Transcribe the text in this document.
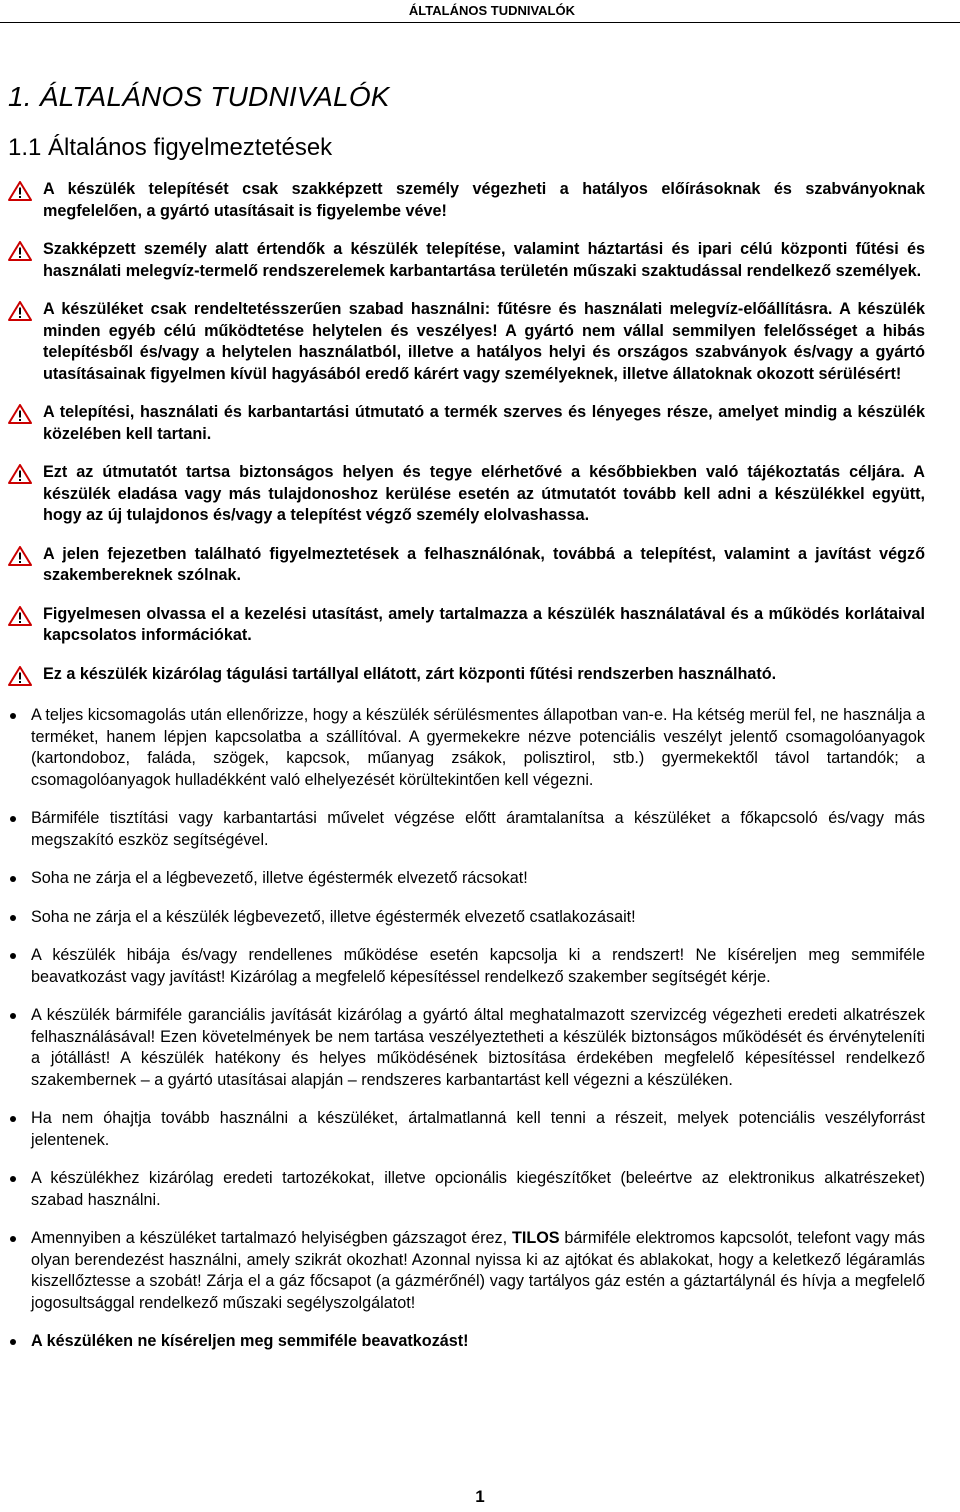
ÁLTALÁNOS TUDNIVALÓK
1. ÁLTALÁNOS TUDNIVALÓK
1.1 Általános figyelmeztetések
A készülék telepítését csak szakképzett személy végezheti a hatályos előírásoknak és szabványoknak megfelelően, a gyártó utasításait is figyelembe véve!
Szakképzett személy alatt értendők a készülék telepítése, valamint háztartási és ipari célú központi fűtési és használati melegvíz-termelő rendszerelemek karbantartása területén műszaki szaktudással rendelkező személyek.
A készüléket csak rendeltetésszerűen szabad használni: fűtésre és használati melegvíz-előállításra. A készülék minden egyéb célú működtetése helytelen és veszélyes! A gyártó nem vállal semmilyen felelősséget a hibás telepítésből és/vagy a helytelen használatból, illetve a hatályos helyi és országos szabványok és/vagy a gyártó utasításainak figyelmen kívül hagyásából eredő kárért vagy személyeknek, illetve állatoknak okozott sérülésért!
A telepítési, használati és karbantartási útmutató a termék szerves és lényeges része, amelyet mindig a készülék közelében kell tartani.
Ezt az útmutatót tartsa biztonságos helyen és tegye elérhetővé a későbbiekben való tájékoztatás céljára. A készülék eladása vagy más tulajdonoshoz kerülése esetén az útmutatót tovább kell adni a készülékkel együtt, hogy az új tulajdonos és/vagy a telepítést végző személy elolvashassa.
A jelen fejezetben található figyelmeztetések a felhasználónak, továbbá a telepítést, valamint a javítást végző szakembereknek szólnak.
Figyelmesen olvassa el a kezelési utasítást, amely tartalmazza a készülék használatával és a működés korlátaival kapcsolatos információkat.
Ez a készülék kizárólag tágulási tartállyal ellátott, zárt központi fűtési rendszerben használható.
A teljes kicsomagolás után ellenőrizze, hogy a készülék sérülésmentes állapotban van-e. Ha kétség merül fel, ne használja a terméket, hanem lépjen kapcsolatba a szállítóval. A gyermekekre nézve potenciális veszélyt jelentő csomagolóanyagok (kartondoboz, faláda, szögek, kapcsok, műanyag zsákok, polisztirol, stb.) gyermekektől távol tartandók; a csomagolóanyagok hulladékként való elhelyezését körültekintően kell végezni.
Bármiféle tisztítási vagy karbantartási művelet végzése előtt áramtalanítsa a készüléket a főkapcsoló és/vagy más megszakító eszköz segítségével.
Soha ne zárja el a légbevezető, illetve égéstermék elvezető rácsokat!
Soha ne zárja el a készülék légbevezető, illetve égéstermék elvezető csatlakozásait!
A készülék hibája és/vagy rendellenes működése esetén kapcsolja ki a rendszert! Ne kíséreljen meg semmiféle beavatkozást vagy javítást! Kizárólag a megfelelő képesítéssel rendelkező szakember segítségét kérje.
A készülék bármiféle garanciális javítását kizárólag a gyártó által meghatalmazott szervizcég végezheti eredeti alkatrészek felhasználásával! Ezen követelmények be nem tartása veszélyeztetheti a készülék biztonságos működését és érvényteleníti a jótállást! A készülék hatékony és helyes működésének biztosítása érdekében megfelelő képesítéssel rendelkező szakembernek – a gyártó utasításai alapján – rendszeres karbantartást kell végezni a készüléken.
Ha nem óhajtja tovább használni a készüléket, ártalmatlanná kell tenni a részeit, melyek potenciális veszélyforrást jelentenek.
A készülékhez kizárólag eredeti tartozékokat, illetve opcionális kiegészítőket (beleértve az elektronikus alkatrészeket) szabad használni.
Amennyiben a készüléket tartalmazó helyiségben gázszagot érez, TILOS bármiféle elektromos kapcsolót, telefont vagy más olyan berendezést használni, amely szikrát okozhat! Azonnal nyissa ki az ajtókat és ablakokat, hogy a keletkező légáramlás kiszellőztesse a szobát! Zárja el a gáz főcsapot (a gázmérőnél) vagy tartályos gáz estén a gáztartálynál és hívja a megfelelő jogosultsággal rendelkező műszaki segélyszolgálatot!
A készüléken ne kíséreljen meg semmiféle beavatkozást!
1
